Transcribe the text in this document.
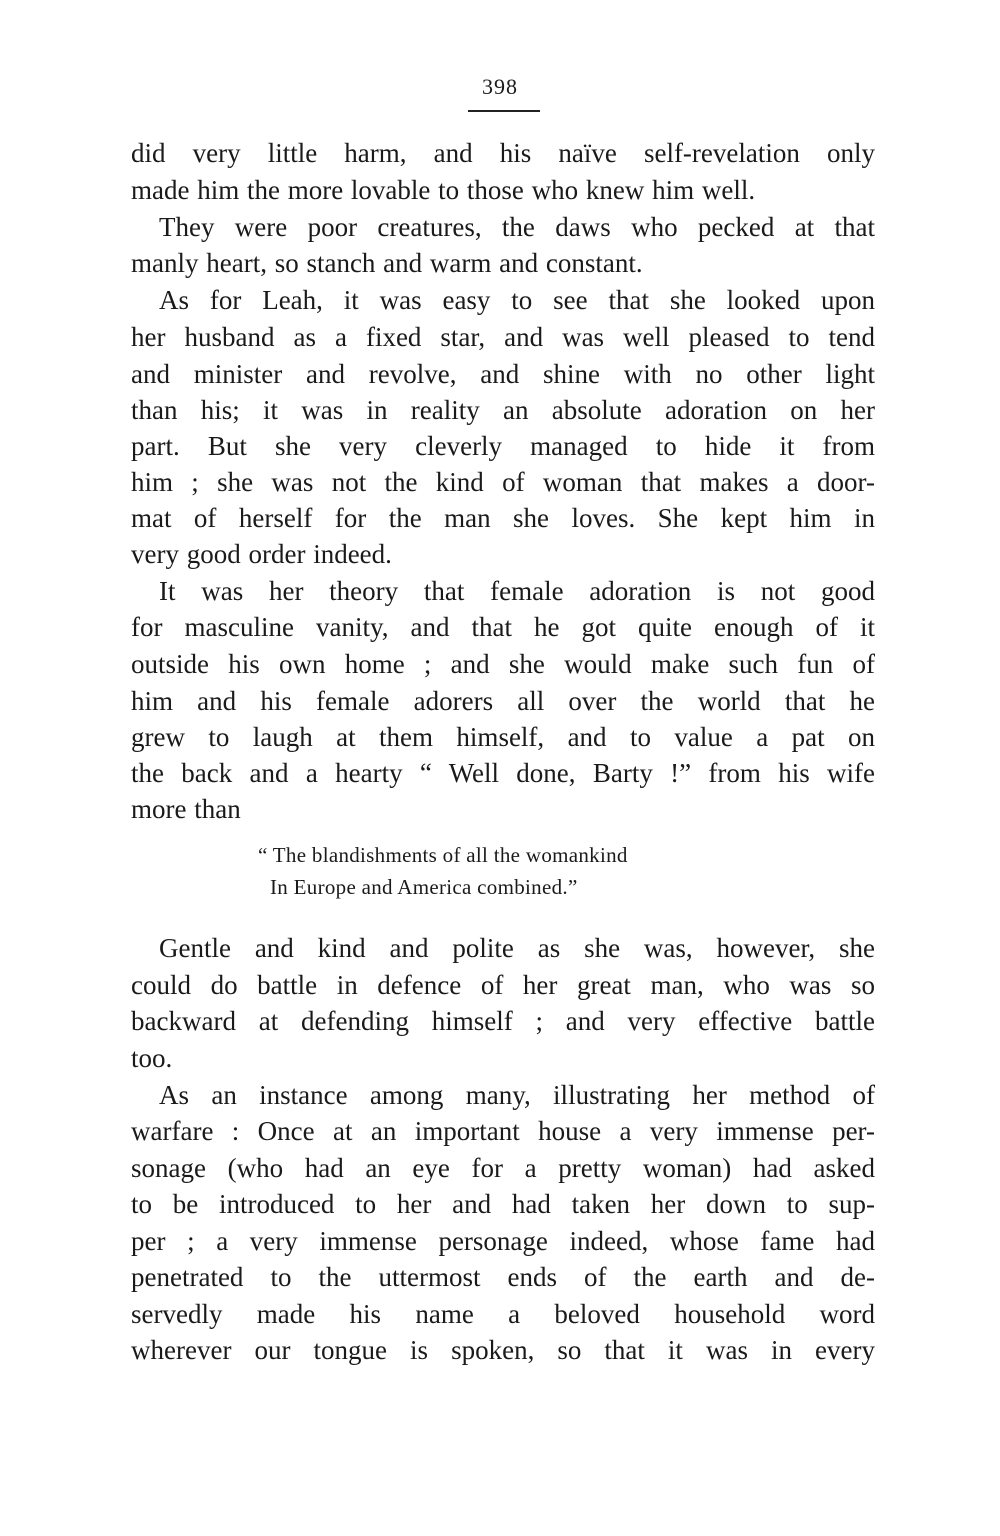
398
did very little harm, and his naïve self-revelation only
made him the more lovable to those who knew him well.
They were poor creatures, the daws who pecked at that
manly heart, so stanch and warm and constant.
As for Leah, it was easy to see that she looked upon
her husband as a fixed star, and was well pleased to tend
and minister and revolve, and shine with no other light
than his; it was in reality an absolute adoration on her
part. But she very cleverly managed to hide it from
him ; she was not the kind of woman that makes a door-
mat of herself for the man she loves. She kept him in
very good order indeed.
It was her theory that female adoration is not good
for masculine vanity, and that he got quite enough of it
outside his own home ; and she would make such fun of
him and his female adorers all over the world that he
grew to laugh at them himself, and to value a pat on
the back and a hearty “ Well done, Barty !” from his wife
more than
“ The blandishments of all the womankind
In Europe and America combined.”
Gentle and kind and polite as she was, however, she
could do battle in defence of her great man, who was so
backward at defending himself ; and very effective battle
too.
As an instance among many, illustrating her method of
warfare : Once at an important house a very immense per-
sonage (who had an eye for a pretty woman) had asked
to be introduced to her and had taken her down to sup-
per ; a very immense personage indeed, whose fame had
penetrated to the uttermost ends of the earth and de-
servedly made his name a beloved household word
wherever our tongue is spoken, so that it was in every
